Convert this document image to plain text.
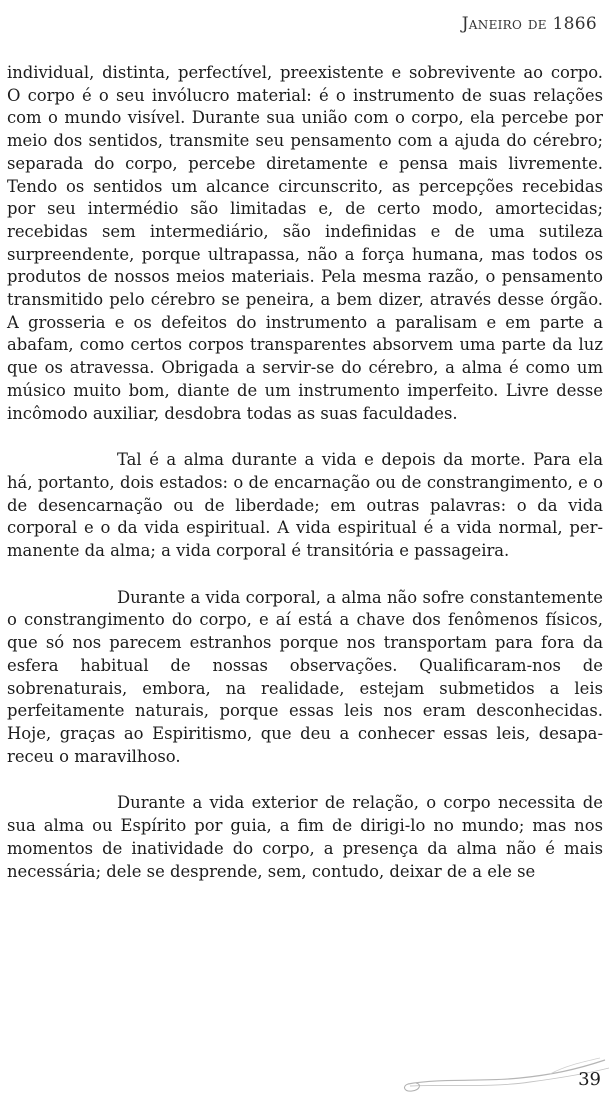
Janeiro de 1866

individual, distinta, perfectível, preexistente e sobrevivente ao corpo. O corpo é o seu invólucro material: é o instrumento de suas relações com o mundo visível. Durante sua união com o corpo, ela percebe por meio dos sentidos, transmite seu pensamento com a ajuda do cérebro; separada do corpo, percebe diretamente e pensa mais livremente. Tendo os sentidos um alcance circunscrito, as percepções recebidas por seu intermédio são limitadas e, de certo modo, amortecidas; recebidas sem intermediário, são indefinidas e de uma sutileza surpreendente, porque ultrapassa, não a força humana, mas todos os produtos de nossos meios materiais. Pela mesma razão, o pensamento transmitido pelo cérebro se peneira, a bem dizer, através desse órgão. A grosseria e os defeitos do instrumento a paralisam e em parte a abafam, como certos corpos transparentes absorvem uma parte da luz que os atravessa. Obrigada a servir-se do cérebro, a alma é como um músico muito bom, diante de um instrumento imperfeito. Livre desse incômodo auxiliar, desdobra todas as suas faculdades.

Tal é a alma durante a vida e depois da morte. Para ela há, portanto, dois estados: o de encarnação ou de constrangimento, e o de desencarnação ou de liberdade; em outras palavras: o da vida corporal e o da vida espiritual. A vida espiritual é a vida normal, permanente da alma; a vida corporal é transitória e passageira.

Durante a vida corporal, a alma não sofre constantemente o constrangimento do corpo, e aí está a chave dos fenômenos físicos, que só nos parecem estranhos porque nos transportam para fora da esfera habitual de nossas observações. Qualificaram-nos de sobrenaturais, embora, na realidade, estejam submetidos a leis perfeitamente naturais, porque essas leis nos eram desconhecidas. Hoje, graças ao Espiritismo, que deu a conhecer essas leis, desapareceu o maravilhoso.

Durante a vida exterior de relação, o corpo necessita de sua alma ou Espírito por guia, a fim de dirigi-lo no mundo; mas nos momentos de inatividade do corpo, a presença da alma não é mais necessária; dele se desprende, sem, contudo, deixar de a ele se

39
